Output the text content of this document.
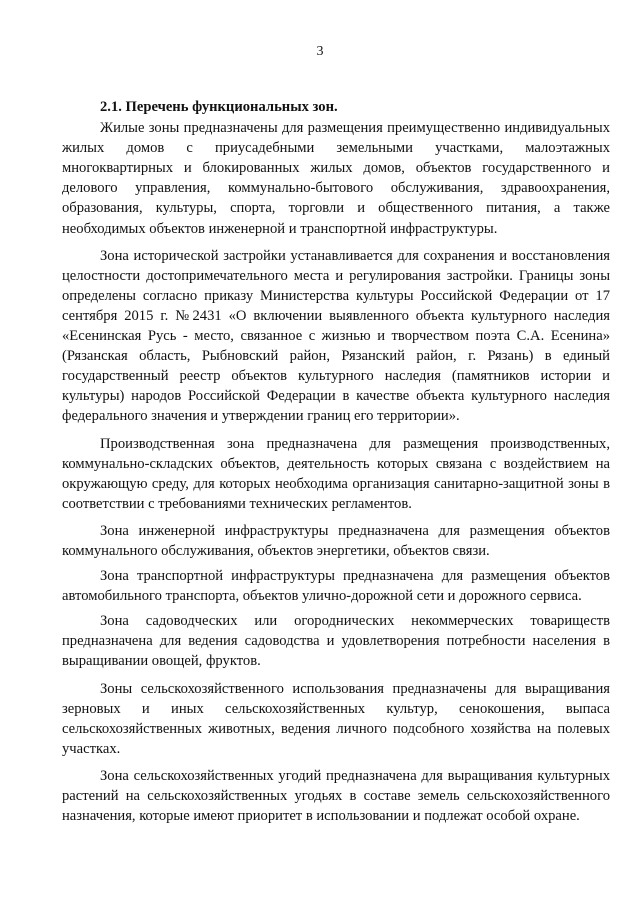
3

2.1. Перечень функциональных зон.

Жилые зоны предназначены для размещения преимущественно индивидуальных жилых домов с приусадебными земельными участками, малоэтажных многоквартирных и блокированных жилых домов, объектов государственного и делового управления, коммунально-бытового обслуживания, здравоохранения, образования, культуры, спорта, торговли и общественного питания, а также необходимых объектов инженерной и транспортной инфраструктуры.

Зона исторической застройки устанавливается для сохранения и восстановления целостности достопримечательного места и регулирования застройки. Границы зоны определены согласно приказу Министерства культуры Российской Федерации от 17 сентября 2015 г. №2431 «О включении выявленного объекта культурного наследия «Есенинская Русь - место, связанное с жизнью и творчеством поэта С.А. Есенина» (Рязанская область, Рыбновский район, Рязанский район, г. Рязань) в единый государственный реестр объектов культурного наследия (памятников истории и культуры) народов Российской Федерации в качестве объекта культурного наследия федерального значения и утверждении границ его территории».

Производственная зона предназначена для размещения производственных, коммунально-складских объектов, деятельность которых связана с воздействием на окружающую среду, для которых необходима организация санитарно-защитной зоны в соответствии с требованиями технических регламентов.

Зона инженерной инфраструктуры предназначена для размещения объектов коммунального обслуживания, объектов энергетики, объектов связи.

Зона транспортной инфраструктуры предназначена для размещения объектов автомобильного транспорта, объектов улично-дорожной сети и дорожного сервиса.

Зона садоводческих или огороднических некоммерческих товариществ предназначена для ведения садоводства и удовлетворения потребности населения в выращивании овощей, фруктов.

Зоны сельскохозяйственного использования предназначены для выращивания зерновых и иных сельскохозяйственных культур, сенокошения, выпаса сельскохозяйственных животных, ведения личного подсобного хозяйства на полевых участках.

Зона сельскохозяйственных угодий предназначена для выращивания культурных растений на сельскохозяйственных угодьях в составе земель сельскохозяйственного назначения, которые имеют приоритет в использовании и подлежат особой охране.
